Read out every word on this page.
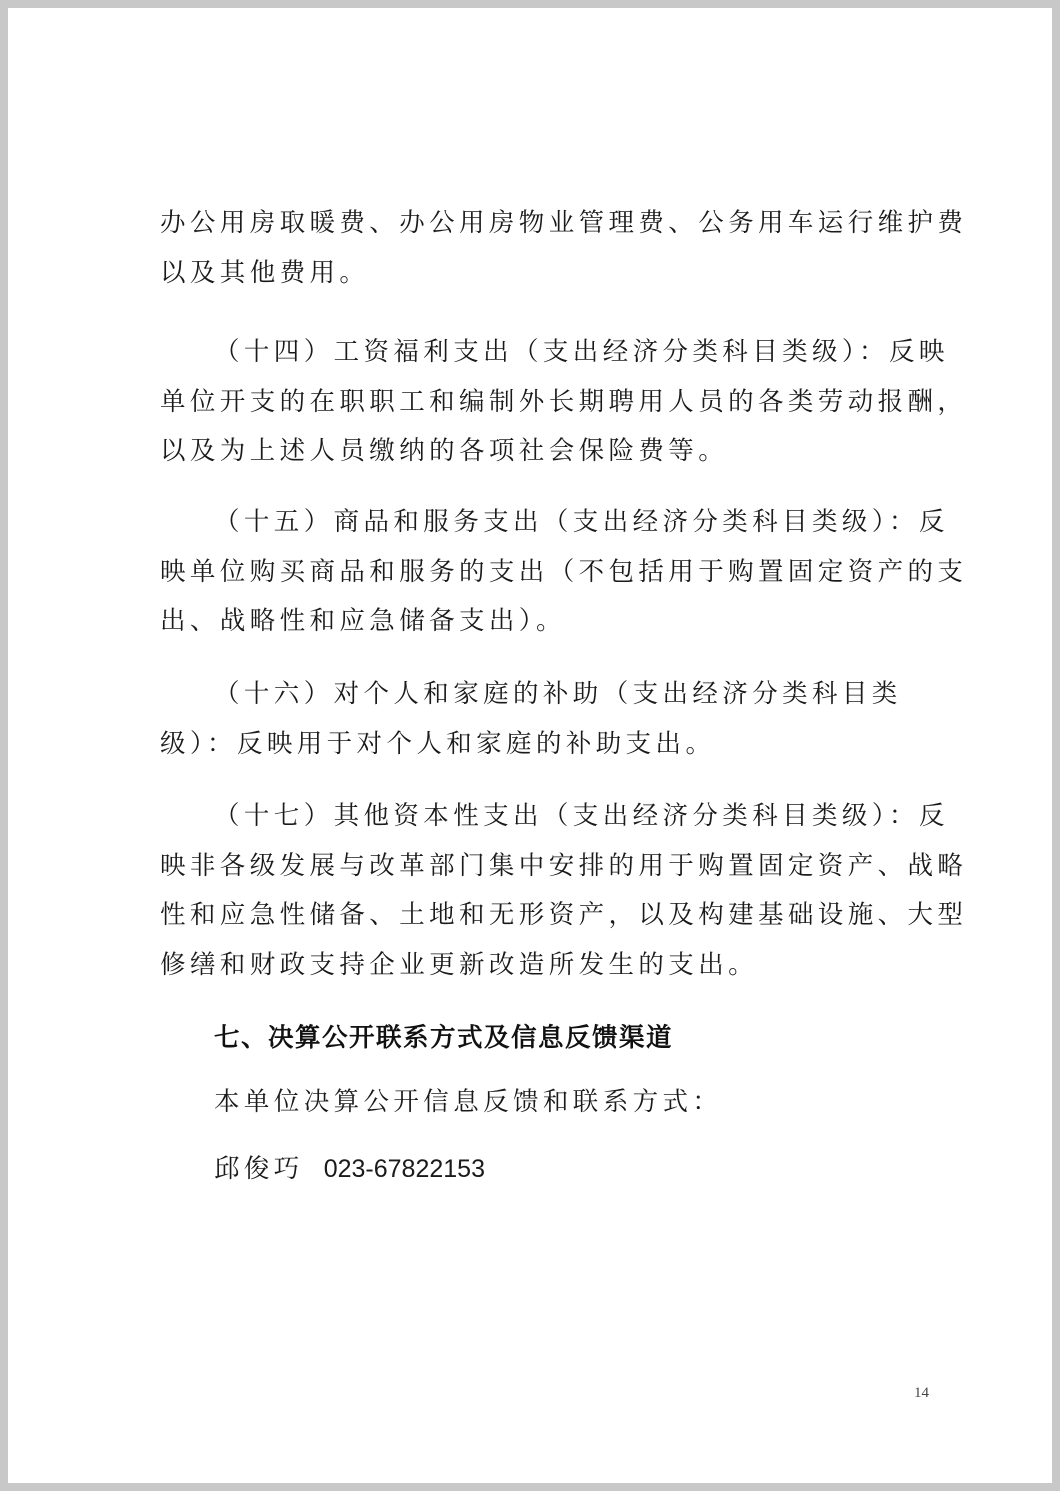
办公用房取暖费、办公用房物业管理费、公务用车运行维护费
以及其他费用。
（十四）工资福利支出（支出经济分类科目类级）：反映
单位开支的在职职工和编制外长期聘用人员的各类劳动报酬，
以及为上述人员缴纳的各项社会保险费等。
（十五）商品和服务支出（支出经济分类科目类级）：反
映单位购买商品和服务的支出（不包括用于购置固定资产的支
出、战略性和应急储备支出）。
（十六）对个人和家庭的补助（支出经济分类科目类
级）：反映用于对个人和家庭的补助支出。
（十七）其他资本性支出（支出经济分类科目类级）：反
映非各级发展与改革部门集中安排的用于购置固定资产、战略
性和应急性储备、土地和无形资产，以及构建基础设施、大型
修缮和财政支持企业更新改造所发生的支出。
七、决算公开联系方式及信息反馈渠道
本单位决算公开信息反馈和联系方式：
邱俊巧 023-67822153
14
